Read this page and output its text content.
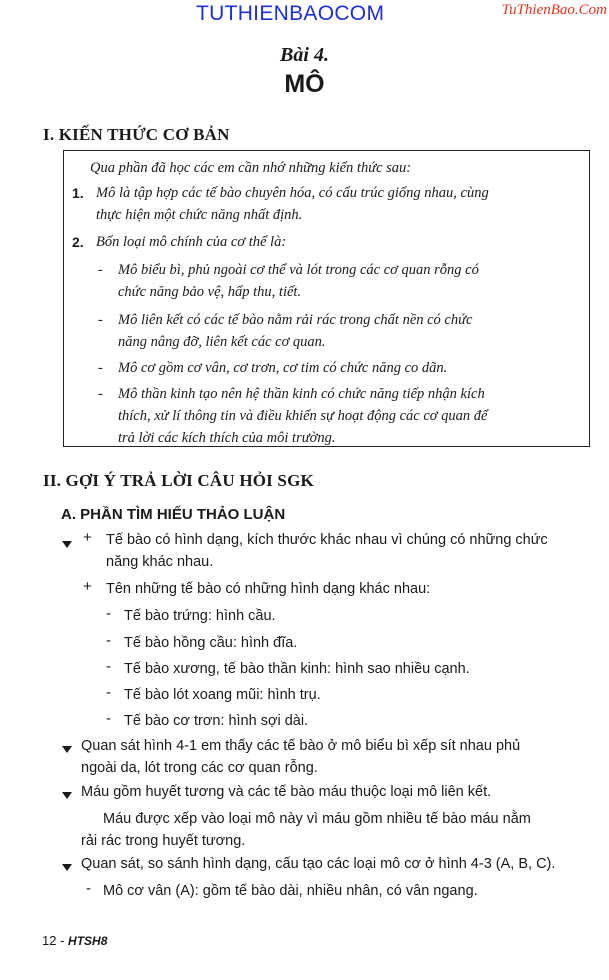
TUTHIENBAOCOM	TuThienBao.Com
Bài 4.
MÔ
I. KIẾN THỨC CƠ BẢN
Qua phần đã học các em cần nhớ những kiến thức sau:
1. Mô là tập hợp các tế bào chuyên hóa, có cấu trúc giống nhau, cùng
thực hiện một chức năng nhất định.
2. Bốn loại mô chính của cơ thể là:
- Mô biểu bì, phủ ngoài cơ thể và lót trong các cơ quan rỗng có
chức năng bảo vệ, hấp thu, tiết.
- Mô liên kết có các tế bào nằm rải rác trong chất nền có chức
năng nâng đỡ, liên kết các cơ quan.
- Mô cơ gồm cơ vân, cơ trơn, cơ tim có chức năng co dãn.
- Mô thần kinh tạo nên hệ thần kinh có chức năng tiếp nhận kích
thích, xử lí thông tin và điều khiển sự hoạt động các cơ quan để
trả lời các kích thích của môi trường.
II. GỢI Ý TRẢ LỜI CÂU HỎI SGK
A. PHẦN TÌM HIỂU THẢO LUẬN
+ Tế bào có hình dạng, kích thước khác nhau vì chúng có những chức
năng khác nhau.
+ Tên những tế bào có những hình dạng khác nhau:
- Tế bào trứng: hình cầu.
- Tế bào hồng cầu: hình đĩa.
- Tế bào xương, tế bào thần kinh: hình sao nhiều cạnh.
- Tế bào lót xoang mũi: hình trụ.
- Tế bào cơ trơn: hình sợi dài.
Quan sát hình 4-1 em thấy các tế bào ở mô biểu bì xếp sít nhau phủ
ngoài da, lót trong các cơ quan rỗng.
Máu gồm huyết tương và các tế bào máu thuộc loại mô liên kết.
Máu được xếp vào loại mô này vì máu gồm nhiều tế bào máu nằm
rải rác trong huyết tương.
Quan sát, so sánh hình dạng, cấu tạo các loại mô cơ ở hình 4-3 (A, B, C).
- Mô cơ vân (A): gồm tế bào dài, nhiều nhân, có vân ngang.
12 - HTSH8
